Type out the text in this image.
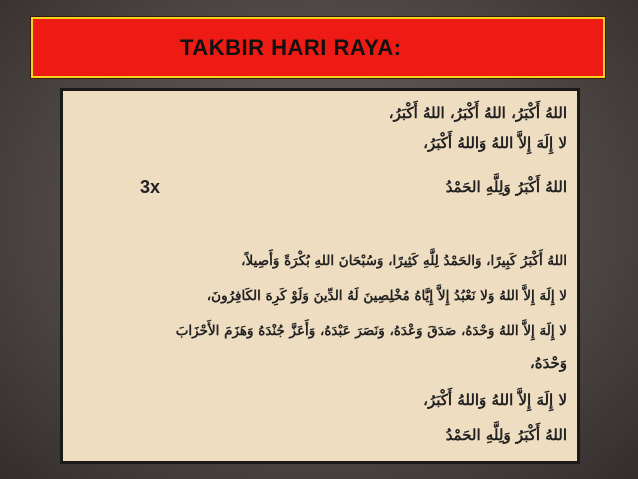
TAKBIR HARI RAYA:
اللهُ أَكْبَرُ، اللهُ أَكْبَرُ، اللهُ أَكْبَرُ،
لا إِلَهَ إِلاَّ اللهُ وَاللهُ أَكْبَرُ،
اللهُ أَكْبَرُ وَلِلَّهِ الحَمْدُ
3x
اللهُ أَكْبَرُ كَبِيرًا، وَالحَمْدُ لِلَّهِ كَثِيرًا، وَسُبْحَانَ اللهِ بُكْرَةً وَأَصِيلاً،
لا إِلَهَ إِلاَّ اللهُ وَلا نَعْبُدُ إِلاَّ إِيَّاهُ مُخْلِصِينَ لَهُ الدِّينَ وَلَوْ كَرِهَ الكَافِرُونَ،
لا إِلَهَ إِلاَّ اللهُ وَحْدَهُ، صَدَقَ وَعْدَهُ، وَنَصَرَ عَبْدَهُ، وَأَعَزَّ جُنْدَهُ وَهَزَمَ الأَحْزَابَ
وَحْدَهُ،
لا إِلَهَ إِلاَّ اللهُ وَاللهُ أَكْبَرُ،
اللهُ أَكْبَرُ وَلِلَّهِ الحَمْدُ
